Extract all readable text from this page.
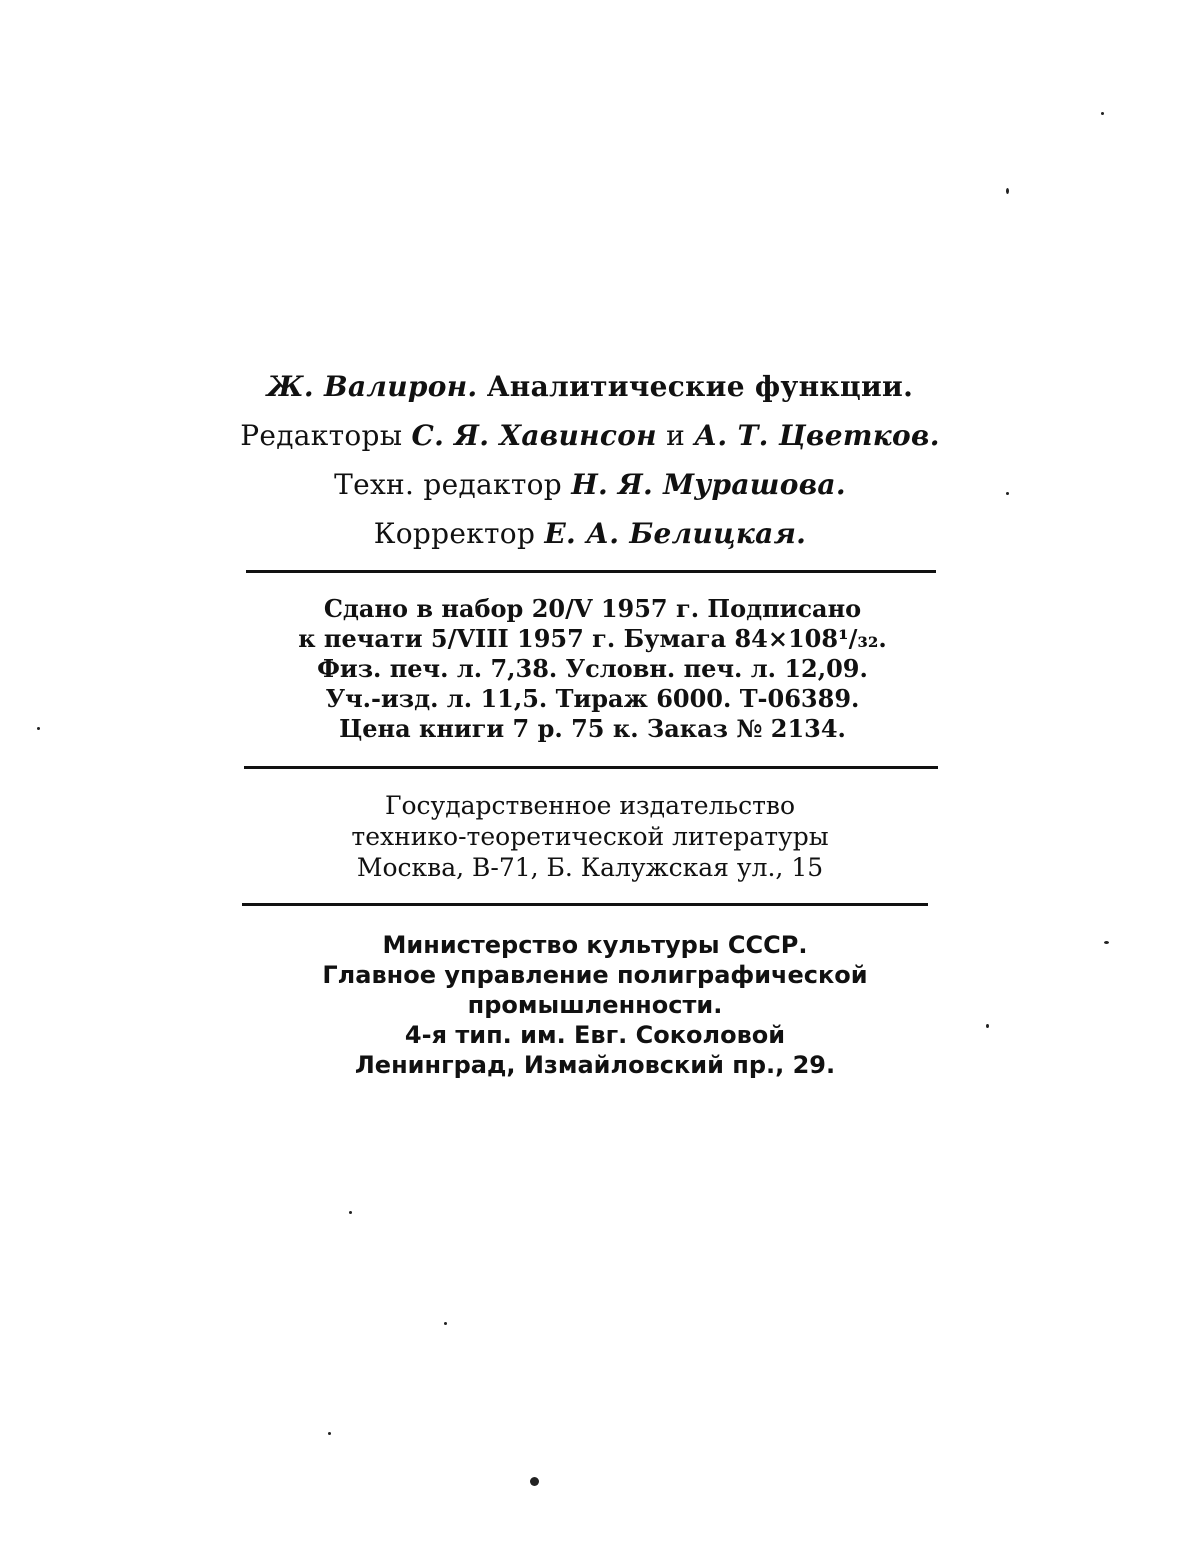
Ж. Валирон. Аналитические функции.
Редакторы С. Я. Хавинсон и А. Т. Цветков.
Техн. редактор Н. Я. Мурашова.
Корректор Е. А. Белицкая.
Сдано в набор 20/V 1957 г. Подписано
к печати 5/VIII 1957 г. Бумага 84×108¹/₃₂.
Физ. печ. л. 7,38. Условн. печ. л. 12,09.
Уч.-изд. л. 11,5. Тираж 6000. Т-06389.
Цена книги 7 р. 75 к. Заказ № 2134.
Государственное издательство
технико-теоретической литературы
Москва, В-71, Б. Калужская ул., 15
Министерство культуры СССР.
Главное управление полиграфической
промышленности.
4-я тип. им. Евг. Соколовой
Ленинград, Измайловский пр., 29.
